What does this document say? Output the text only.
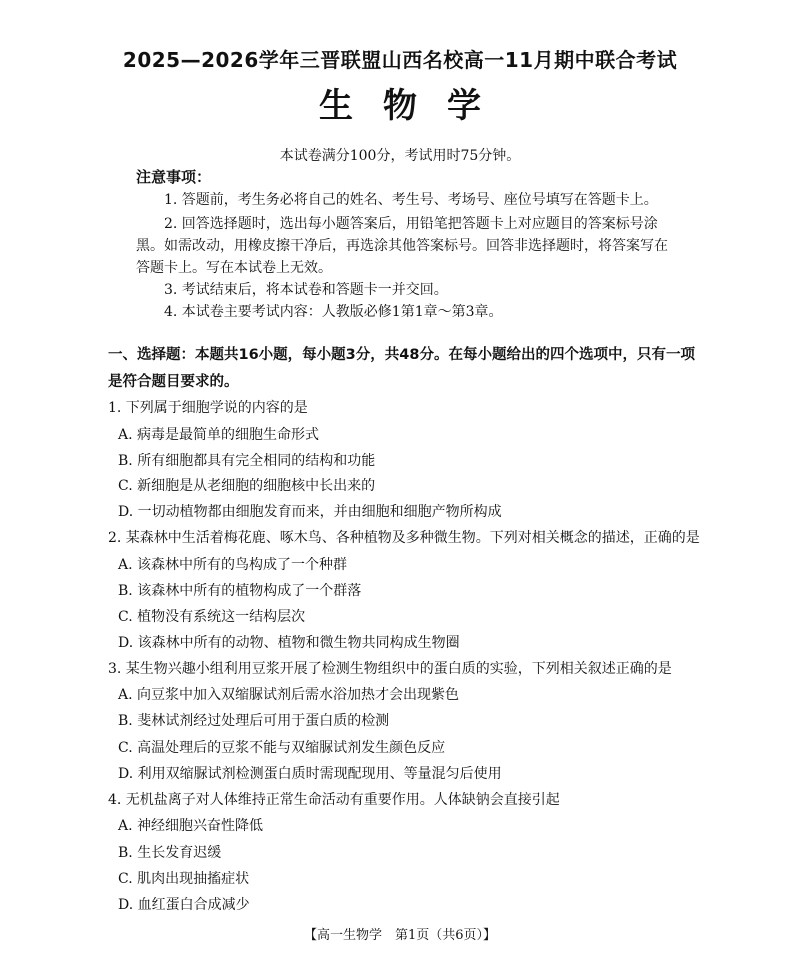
2025—2026学年三晋联盟山西名校高一11月期中联合考试
生物学
本试卷满分100分，考试用时75分钟。
注意事项：
1. 答题前，考生务必将自己的姓名、考生号、考场号、座位号填写在答题卡上。
2. 回答选择题时，选出每小题答案后，用铅笔把答题卡上对应题目的答案标号涂
黑。如需改动，用橡皮擦干净后，再选涂其他答案标号。回答非选择题时，将答案写在
答题卡上。写在本试卷上无效。
3. 考试结束后，将本试卷和答题卡一并交回。
4. 本试卷主要考试内容：人教版必修1第1章～第3章。
一、选择题：本题共16小题，每小题3分，共48分。在每小题给出的四个选项中，只有一项是符合题目要求的。
1. 下列属于细胞学说的内容的是
A. 病毒是最简单的细胞生命形式
B. 所有细胞都具有完全相同的结构和功能
C. 新细胞是从老细胞的细胞核中长出来的
D. 一切动植物都由细胞发育而来，并由细胞和细胞产物所构成
2. 某森林中生活着梅花鹿、啄木鸟、各种植物及多种微生物。下列对相关概念的描述，正确的是
A. 该森林中所有的鸟构成了一个种群
B. 该森林中所有的植物构成了一个群落
C. 植物没有系统这一结构层次
D. 该森林中所有的动物、植物和微生物共同构成生物圈
3. 某生物兴趣小组利用豆浆开展了检测生物组织中的蛋白质的实验，下列相关叙述正确的是
A. 向豆浆中加入双缩脲试剂后需水浴加热才会出现紫色
B. 斐林试剂经过处理后可用于蛋白质的检测
C. 高温处理后的豆浆不能与双缩脲试剂发生颜色反应
D. 利用双缩脲试剂检测蛋白质时需现配现用、等量混匀后使用
4. 无机盐离子对人体维持正常生命活动有重要作用。人体缺钠会直接引起
A. 神经细胞兴奋性降低
B. 生长发育迟缓
C. 肌肉出现抽搐症状
D. 血红蛋白合成减少
【高一生物学　第1页（共6页）】
